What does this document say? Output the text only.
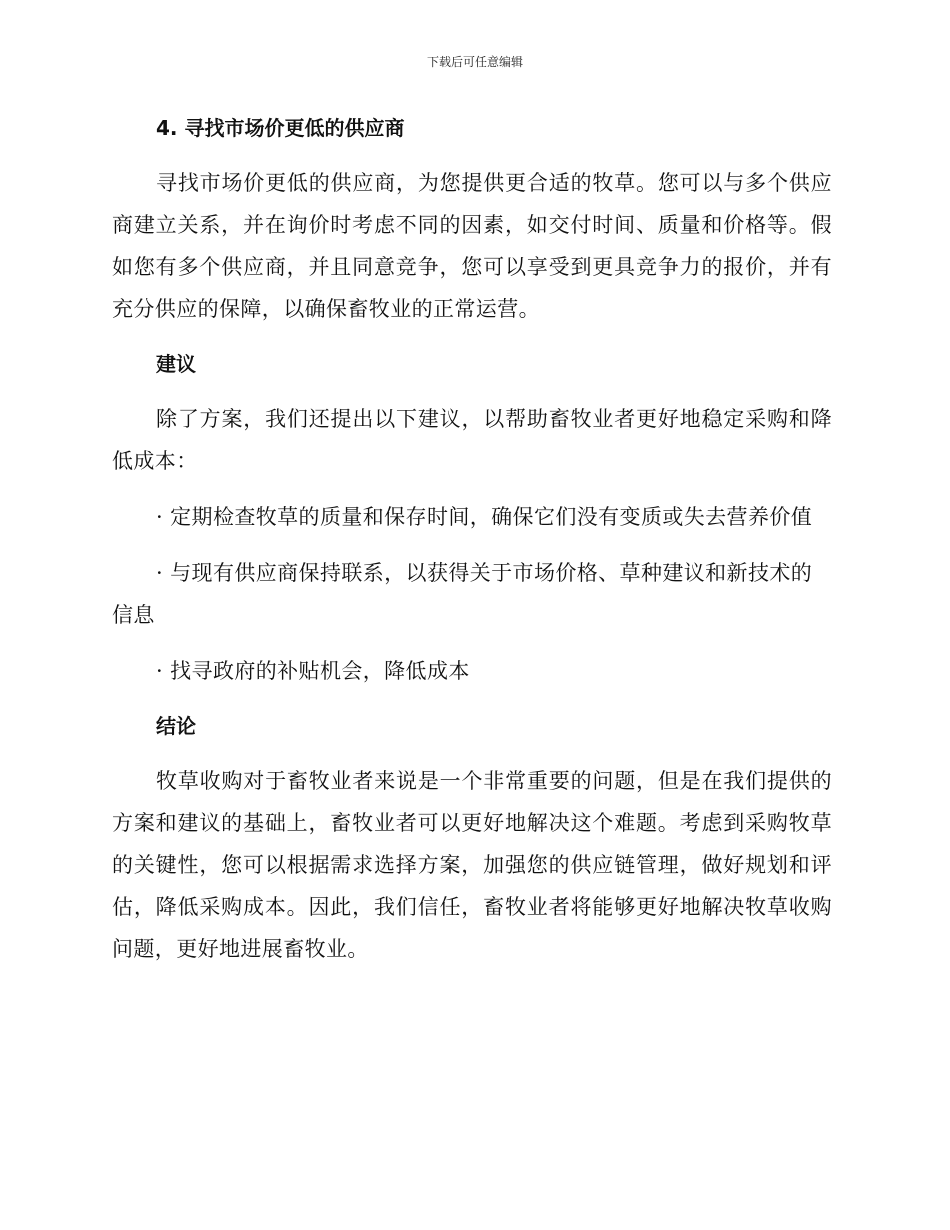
下载后可任意编辑
4. 寻找市场价更低的供应商

寻找市场价更低的供应商，为您提供更合适的牧草。您可以与多个供应商建立关系，并在询价时考虑不同的因素，如交付时间、质量和价格等。假如您有多个供应商，并且同意竞争，您可以享受到更具竞争力的报价，并有充分供应的保障，以确保畜牧业的正常运营。

建议

除了方案，我们还提出以下建议，以帮助畜牧业者更好地稳定采购和降低成本：

· 定期检查牧草的质量和保存时间，确保它们没有变质或失去营养价值

· 与现有供应商保持联系，以获得关于市场价格、草种建议和新技术的信息

· 找寻政府的补贴机会，降低成本

结论

牧草收购对于畜牧业者来说是一个非常重要的问题，但是在我们提供的方案和建议的基础上，畜牧业者可以更好地解决这个难题。考虑到采购牧草的关键性，您可以根据需求选择方案，加强您的供应链管理，做好规划和评估，降低采购成本。因此，我们信任，畜牧业者将能够更好地解决牧草收购问题，更好地进展畜牧业。
